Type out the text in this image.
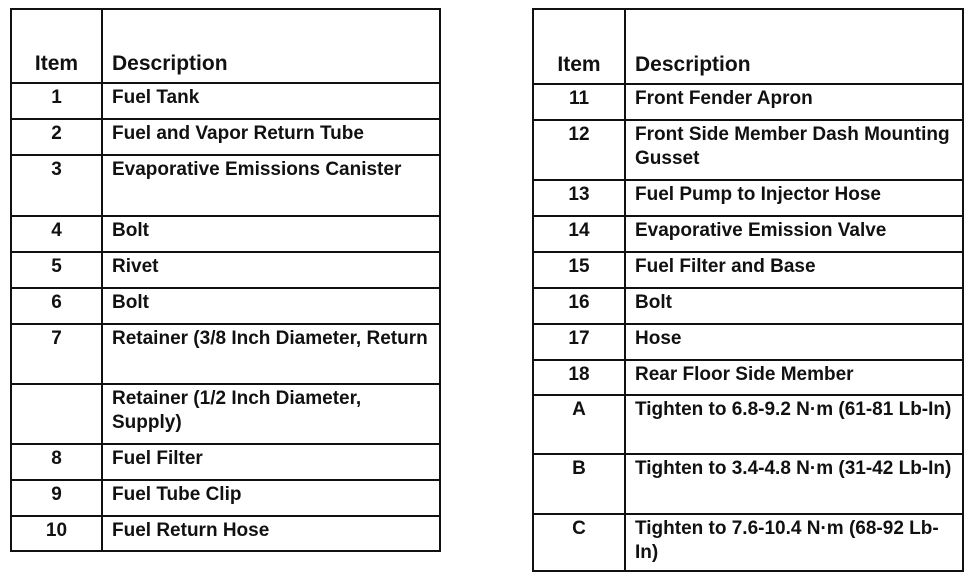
Item	Description
1	Fuel Tank
2	Fuel and Vapor Return Tube
3	Evaporative Emissions Canister
4	Bolt
5	Rivet
6	Bolt
7	Retainer (3/8 Inch Diameter, Return
	Retainer (1/2 Inch Diameter, Supply)
8	Fuel Filter
9	Fuel Tube Clip
10	Fuel Return Hose
Item	Description
11	Front Fender Apron
12	Front Side Member Dash Mounting Gusset
13	Fuel Pump to Injector Hose
14	Evaporative Emission Valve
15	Fuel Filter and Base
16	Bolt
17	Hose
18	Rear Floor Side Member
A	Tighten to 6.8-9.2 N·m (61-81 Lb-In)
B	Tighten to 3.4-4.8 N·m (31-42 Lb-In)
C	Tighten to 7.6-10.4 N·m (68-92 Lb-In)
